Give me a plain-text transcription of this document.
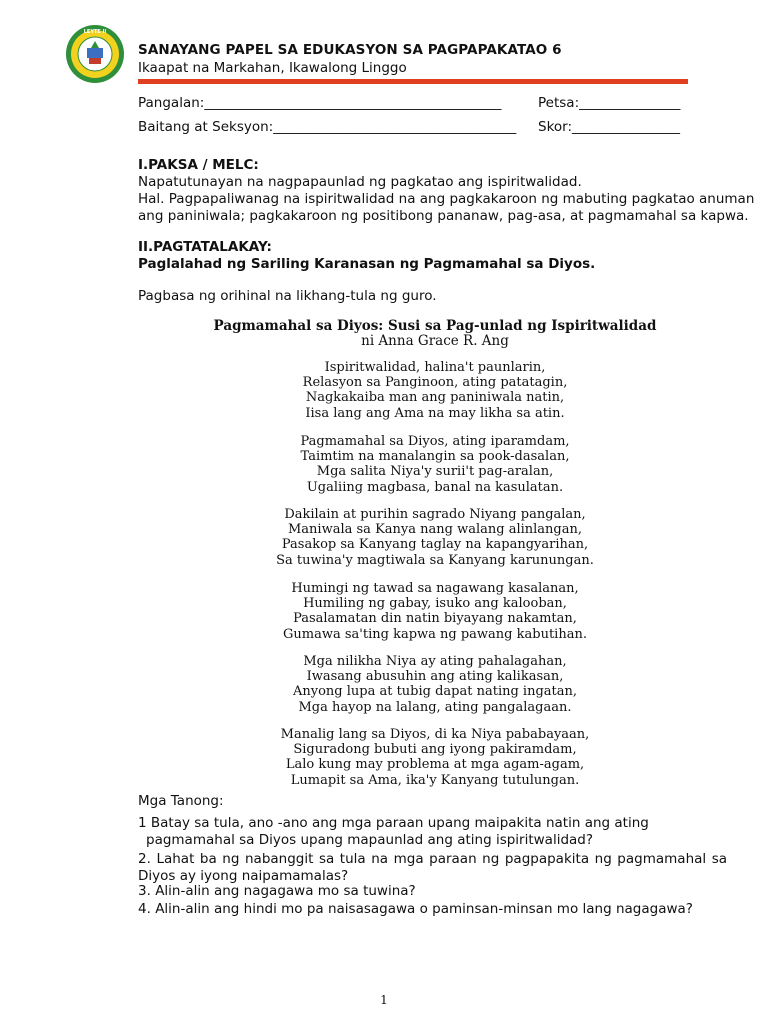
LEYTE II
SANAYANG PAPEL SA EDUKASYON SA PAGPAPAKATAO 6
Ikaapat na Markahan, Ikawalong Linggo
Pangalan:____________________________________________	Petsa:_______________
Baitang at Seksyon:____________________________________ Skor:________________
I.PAKSA / MELC:
Napatutunayan na nagpapaunlad ng pagkatao ang ispiritwalidad.
Hal. Pagpapaliwanag na ispiritwalidad na ang pagkakaroon ng mabuting pagkatao anuman
ang paniniwala; pagkakaroon ng positibong pananaw, pag-asa, at pagmamahal sa kapwa.
II.PAGTATALAKAY:
Paglalahad ng Sariling Karanasan ng Pagmamahal sa Diyos.
Pagbasa ng orihinal na likhang-tula ng guro.
Pagmamahal sa Diyos: Susi sa Pag-unlad ng Ispiritwalidad
ni Anna Grace R. Ang
Ispiritwalidad, halina't paunlarin,
Relasyon sa Panginoon, ating patatagin,
Nagkakaiba man ang paniniwala natin,
Iisa lang ang Ama na may likha sa atin.
Pagmamahal sa Diyos, ating iparamdam,
Taimtim na manalangin sa pook-dasalan,
Mga salita Niya'y surii't pag-aralan,
Ugaliing magbasa, banal na kasulatan.
Dakilain at purihin sagrado Niyang pangalan,
Maniwala sa Kanya nang walang alinlangan,
Pasakop sa Kanyang taglay na kapangyarihan,
Sa tuwina'y magtiwala sa Kanyang karunungan.
Humingi ng tawad sa nagawang kasalanan,
Humiling ng gabay, isuko ang kalooban,
Pasalamatan din natin biyayang nakamtan,
Gumawa sa'ting kapwa ng pawang kabutihan.
Mga nilikha Niya ay ating pahalagahan,
Iwasang abusuhin ang ating kalikasan,
Anyong lupa at tubig dapat nating ingatan,
Mga hayop na lalang, ating pangalagaan.
Manalig lang sa Diyos, di ka Niya pababayaan,
Siguradong bubuti ang iyong pakiramdam,
Lalo kung may problema at mga agam-agam,
Lumapit sa Ama, ika'y Kanyang tutulungan.
Mga Tanong:
1 Batay sa tula, ano -ano ang mga paraan upang maipakita natin ang ating
pagmamahal sa Diyos upang mapaunlad ang ating ispiritwalidad?
2. Lahat ba ng nabanggit sa tula na mga paraan ng pagpapakita ng pagmamahal sa Diyos ay iyong naipamamalas?
3. Alin-alin ang nagagawa mo sa tuwina?
4. Alin-alin ang hindi mo pa naisasagawa o paminsan-minsan mo lang nagagawa?
1
